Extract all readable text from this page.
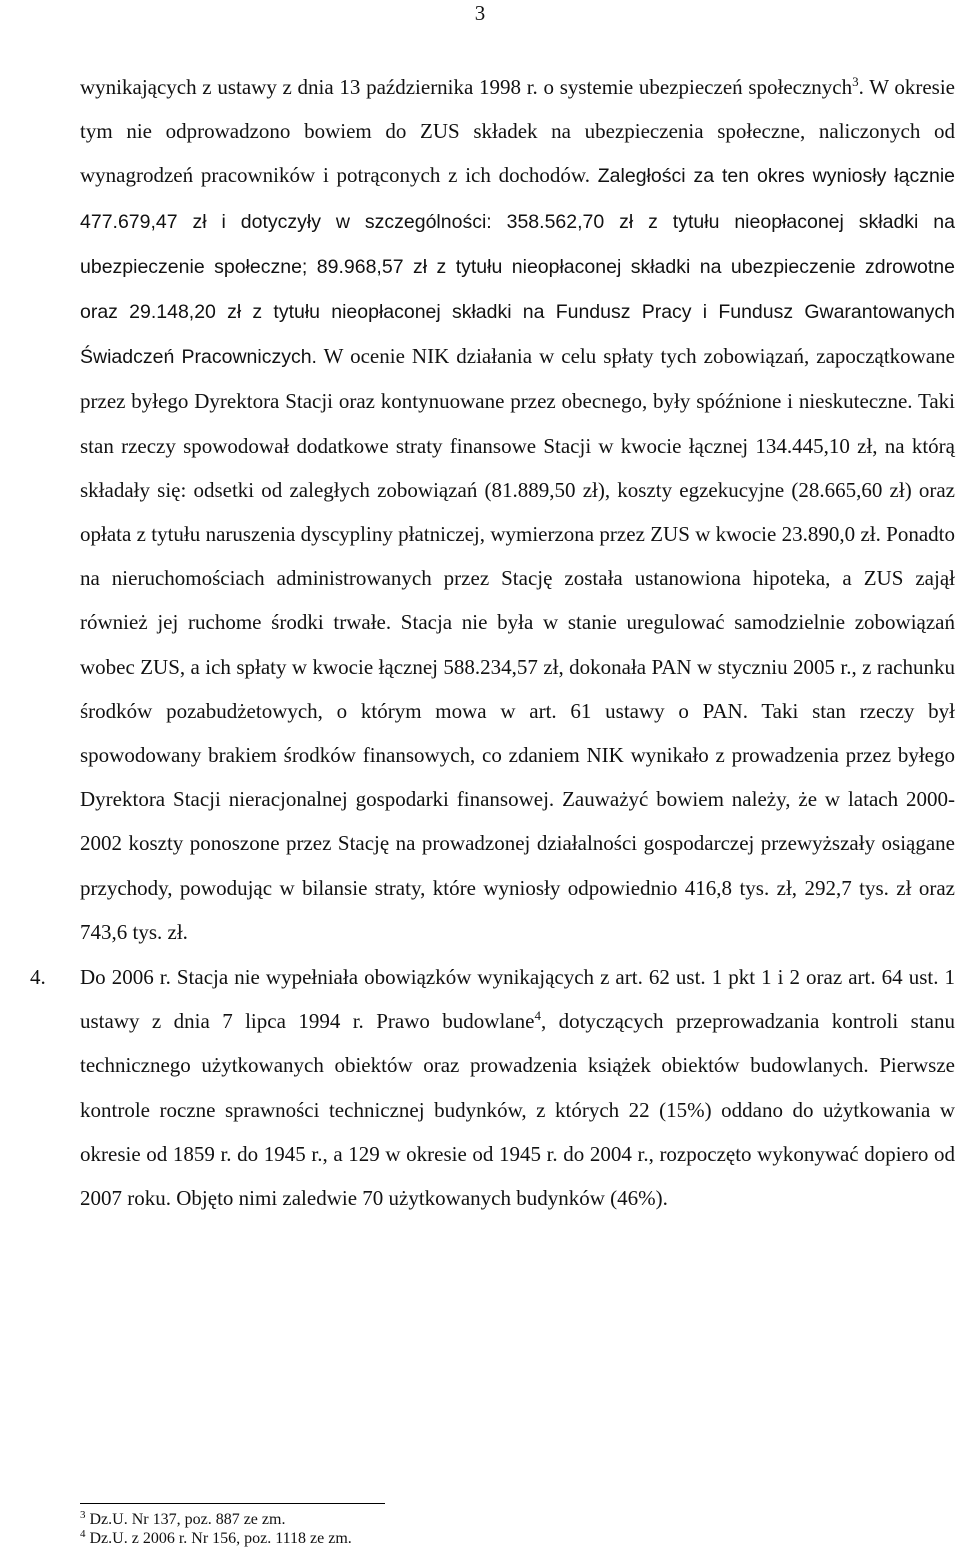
3

wynikających z ustawy z dnia 13 października 1998 r. o systemie ubezpieczeń społecznych$^3$. W okresie tym nie odprowadzono bowiem do ZUS składek na ubezpieczenia społeczne, naliczonych od wynagrodzeń pracowników i potrąconych z ich dochodów. Zaległości za ten okres wyniosły łącznie 477.679,47 zł i dotyczyły w szczególności: 358.562,70 zł z tytułu nieopłaconej składki na ubezpieczenie społeczne; 89.968,57 zł z tytułu nieopłaconej składki na ubezpieczenie zdrowotne oraz 29.148,20 zł z tytułu nieopłaconej składki na Fundusz Pracy i Fundusz Gwarantowanych Świadczeń Pracowniczych. W ocenie NIK działania w celu spłaty tych zobowiązań, zapoczątkowane przez byłego Dyrektora Stacji oraz kontynuowane przez obecnego, były spóźnione i nieskuteczne. Taki stan rzeczy spowodował dodatkowe straty finansowe Stacji w kwocie łącznej 134.445,10 zł, na którą składały się: odsetki od zaległych zobowiązań (81.889,50 zł), koszty egzekucyjne (28.665,60 zł) oraz opłata z tytułu naruszenia dyscypliny płatniczej, wymierzona przez ZUS w kwocie 23.890,0 zł. Ponadto na nieruchomościach administrowanych przez Stację została ustanowiona hipoteka, a ZUS zajął również jej ruchome środki trwałe. Stacja nie była w stanie uregulować samodzielnie zobowiązań wobec ZUS, a ich spłaty w kwocie łącznej 588.234,57 zł, dokonała PAN w styczniu 2005 r., z rachunku środków pozabudżetowych, o którym mowa w art. 61 ustawy o PAN. Taki stan rzeczy był spowodowany brakiem środków finansowych, co zdaniem NIK wynikało z prowadzenia przez byłego Dyrektora Stacji nieracjonalnej gospodarki finansowej. Zauważyć bowiem należy, że w latach 2000-2002 koszty ponoszone przez Stację na prowadzonej działalności gospodarczej przewyższały osiągane przychody, powodując w bilansie straty, które wyniosły odpowiednio 416,8 tys. zł, 292,7 tys. zł oraz 743,6 tys. zł.

4. Do 2006 r. Stacja nie wypełniała obowiązków wynikających z art. 62 ust. 1 pkt 1 i 2 oraz art. 64 ust. 1 ustawy z dnia 7 lipca 1994 r. Prawo budowlane$^4$, dotyczących przeprowadzania kontroli stanu technicznego użytkowanych obiektów oraz prowadzenia książek obiektów budowlanych. Pierwsze kontrole roczne sprawności technicznej budynków, z których 22 (15%) oddano do użytkowania w okresie od 1859 r. do 1945 r., a 129 w okresie od 1945 r. do 2004 r., rozpoczęto wykonywać dopiero od 2007 roku. Objęto nimi zaledwie 70 użytkowanych budynków (46%).

$^3$ Dz.U. Nr 137, poz. 887 ze zm.
$^4$ Dz.U. z 2006 r. Nr 156, poz. 1118 ze zm.
